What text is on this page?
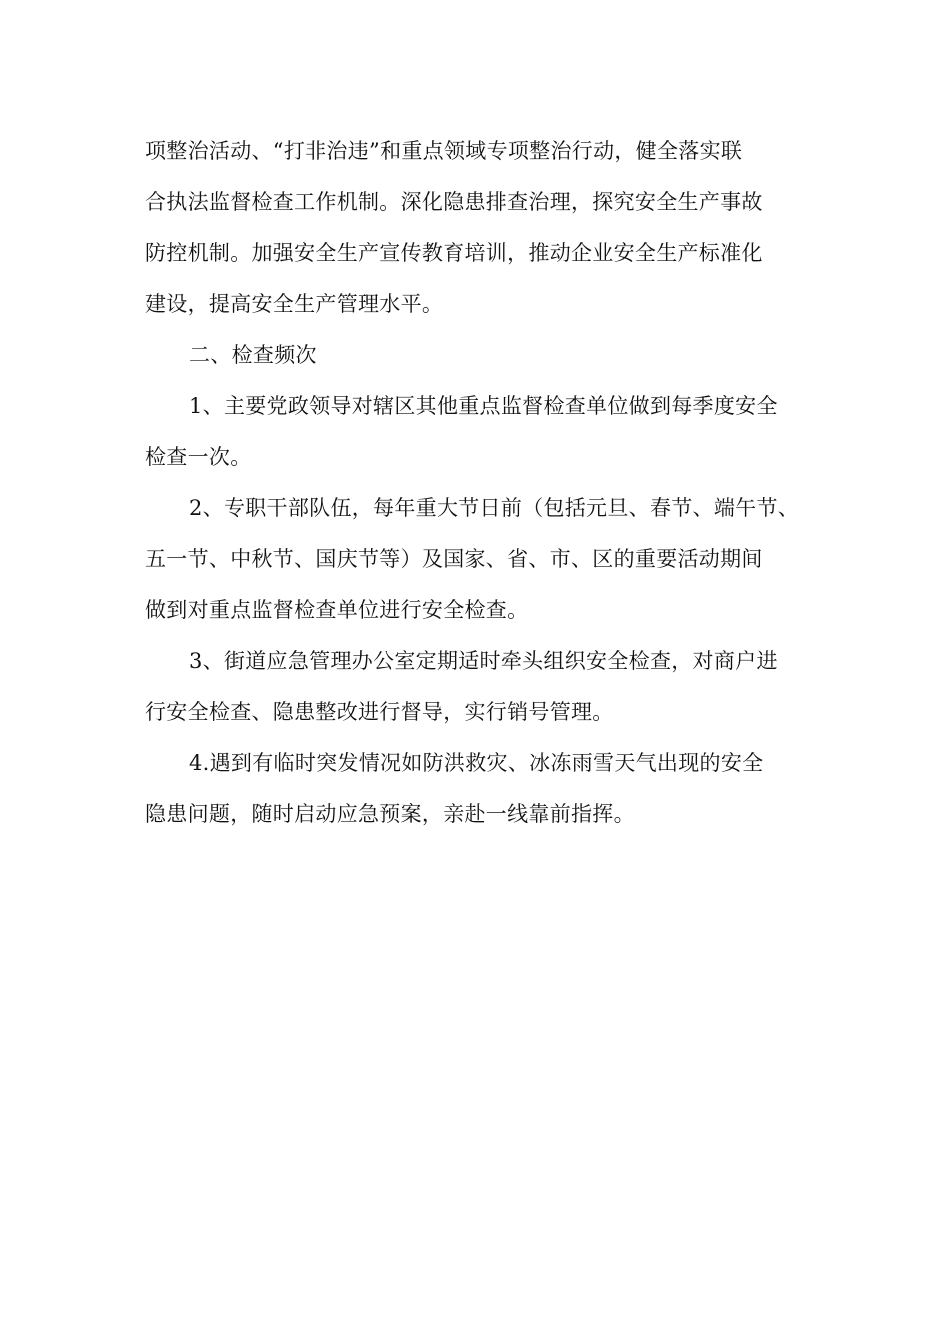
项整治活动、“打非治违”和重点领域专项整治行动，健全落实联
合执法监督检查工作机制。深化隐患排查治理，探究安全生产事故
防控机制。加强安全生产宣传教育培训，推动企业安全生产标准化
建设，提高安全生产管理水平。
二、检查频次
1、主要党政领导对辖区其他重点监督检查单位做到每季度安全
检查一次。
2、专职干部队伍，每年重大节日前（包括元旦、春节、端午节、
五一节、中秋节、国庆节等）及国家、省、市、区的重要活动期间
做到对重点监督检查单位进行安全检查。
3、街道应急管理办公室定期适时牵头组织安全检查，对商户进
行安全检查、隐患整改进行督导，实行销号管理。
4.遇到有临时突发情况如防洪救灾、冰冻雨雪天气出现的安全
隐患问题，随时启动应急预案，亲赴一线靠前指挥。
